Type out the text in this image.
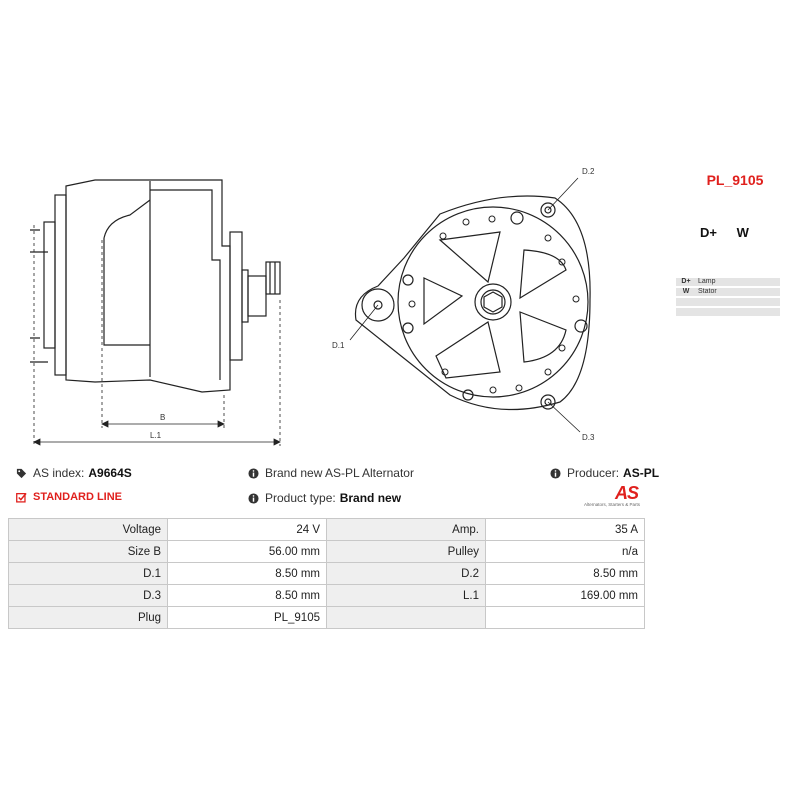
B
L.1
D.1
D.2
D.3
PL_9105
D+ W
D+	Lamp
W	Stator

AS index: A9664S	Brand new AS-PL Alternator	Producer: AS-PL
STANDARD LINE	Product type: Brand new	AS
Alternators, Starters & Parts
Voltage	24 V	Amp.	35 A
Size B	56.00 mm	Pulley	n/a
D.1	8.50 mm	D.2	8.50 mm
D.3	8.50 mm	L.1	169.00 mm
Plug	PL_9105		
